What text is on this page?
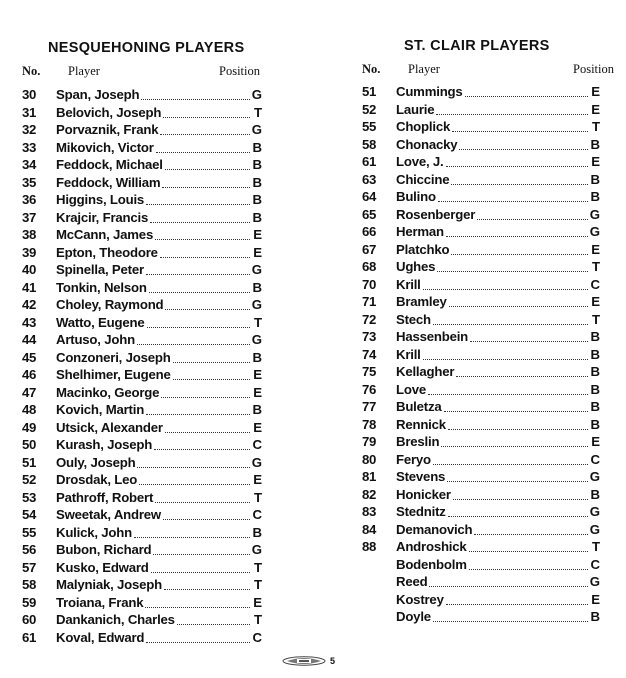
NESQUEHONING PLAYERS
No. Player	Position
30	Span, Joseph	G
31	Belovich, Joseph	T
32	Porvaznik, Frank	G
33	Mikovich, Victor	B
34	Feddock, Michael	B
35	Feddock, William	B
36	Higgins, Louis	B
37	Krajcir, Francis	B
38	McCann, James	E
39	Epton, Theodore	E
40	Spinella, Peter	G
41	Tonkin, Nelson	B
42	Choley, Raymond	G
43	Watto, Eugene	T
44	Artuso, John	G
45	Conzoneri, Joseph	B
46	Shelhimer, Eugene	E
47	Macinko, George	E
48	Kovich, Martin	B
49	Utsick, Alexander	E
50	Kurash, Joseph	C
51	Ouly, Joseph	G
52	Drosdak, Leo	E
53	Pathroff, Robert	T
54	Sweetak, Andrew	C
55	Kulick, John	B
56	Bubon, Richard	G
57	Kusko, Edward	T
58	Malyniak, Joseph	T
59	Troiana, Frank	E
60	Dankanich, Charles	T
61	Koval, Edward	C
ST. CLAIR PLAYERS
No. Player	Position
51	Cummings	E
52	Laurie	E
55	Choplick	T
58	Chonacky	B
61	Love, J.	E
63	Chiccine	B
64	Bulino	B
65	Rosenberger	G
66	Herman	G
67	Platchko	E
68	Ughes	T
70	Krill	C
71	Bramley	E
72	Stech	T
73	Hassenbein	B
74	Krill	B
75	Kellagher	B
76	Love	B
77	Buletza	B
78	Rennick	B
79	Breslin	E
80	Feryo	C
81	Stevens	G
82	Honicker	B
83	Stednitz	G
84	Demanovich	G
88	Androshick	T
Bodenbolm	C
Reed	G
Kostrey	E
Doyle	B
5
